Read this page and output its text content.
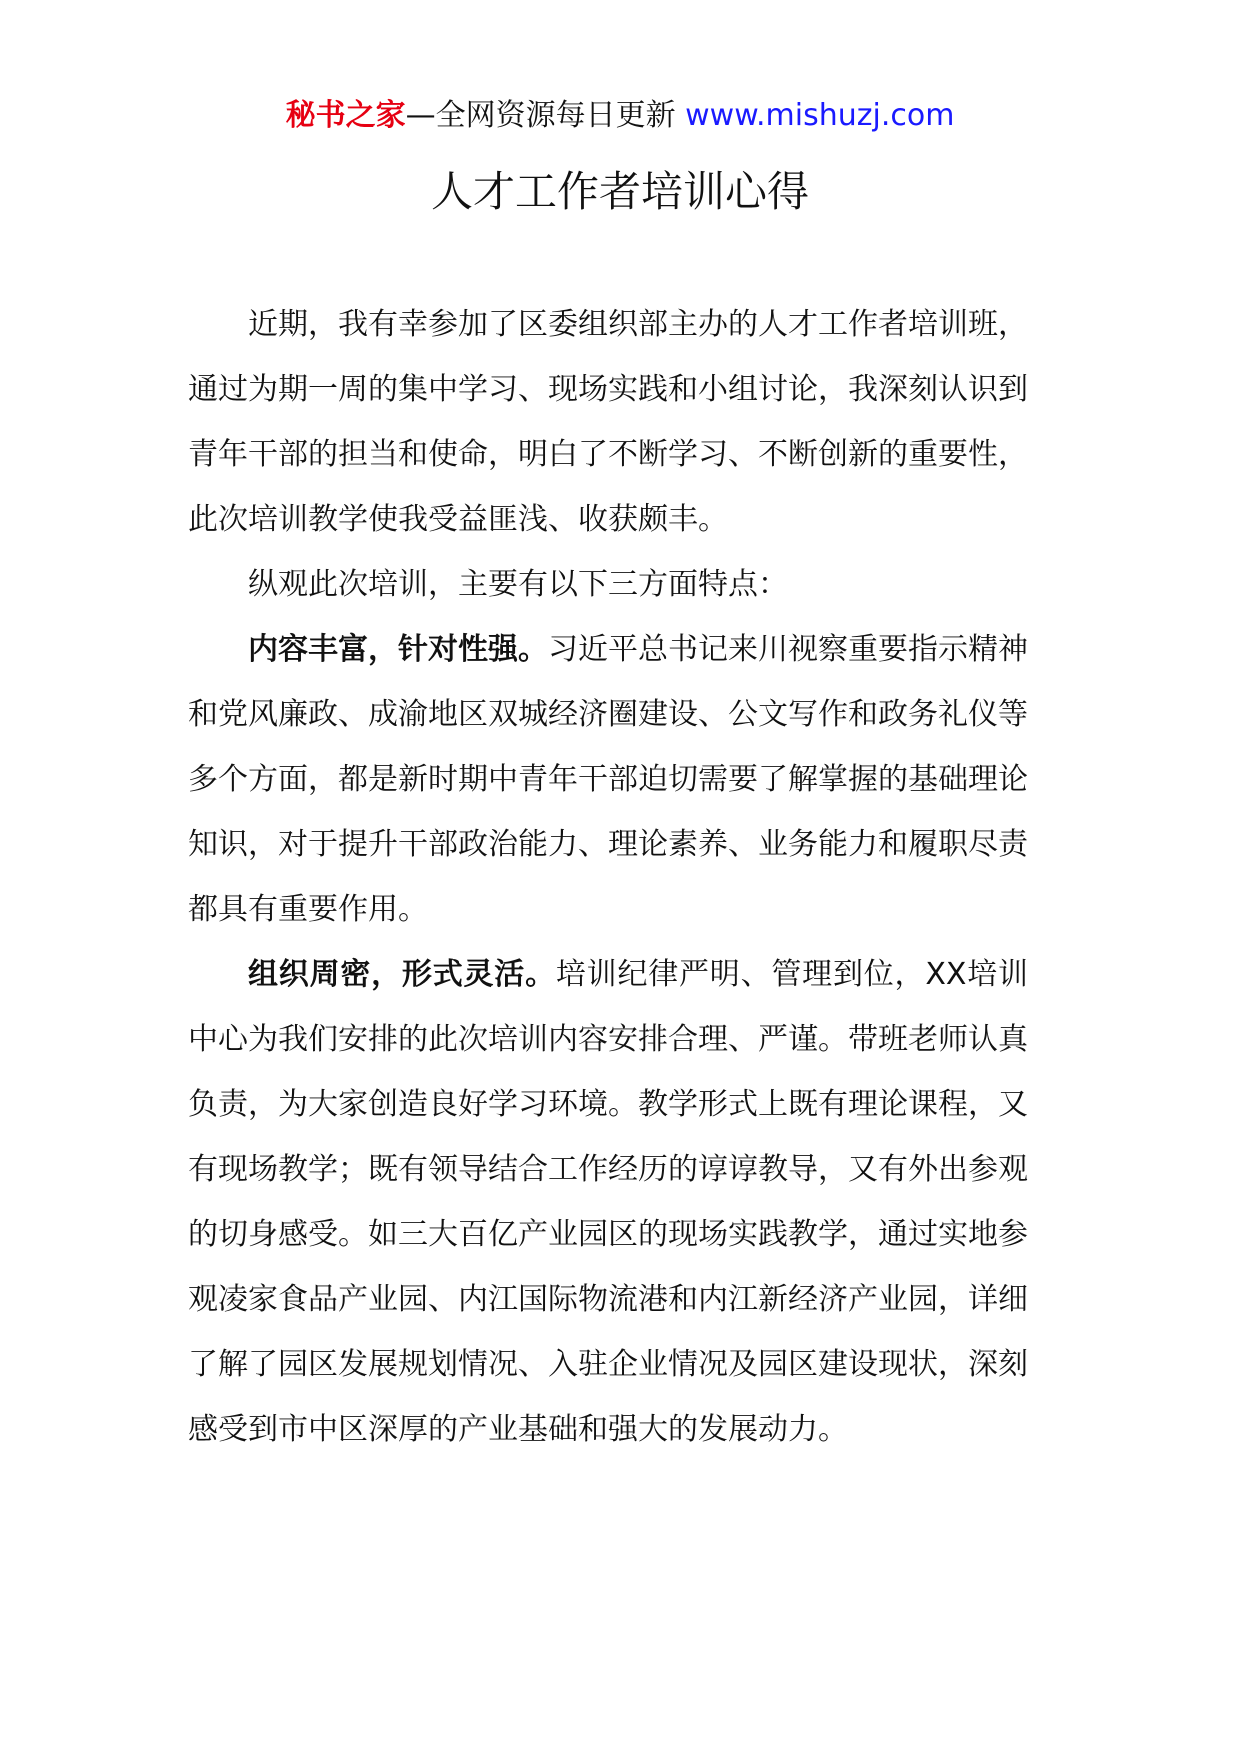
秘书之家—全网资源每日更新 www.mishuzj.com
人才工作者培训心得

近期，我有幸参加了区委组织部主办的人才工作者培训班，通过为期一周的集中学习、现场实践和小组讨论，我深刻认识到青年干部的担当和使命，明白了不断学习、不断创新的重要性，此次培训教学使我受益匪浅、收获颇丰。

纵观此次培训，主要有以下三方面特点：

内容丰富，针对性强。习近平总书记来川视察重要指示精神和党风廉政、成渝地区双城经济圈建设、公文写作和政务礼仪等多个方面，都是新时期中青年干部迫切需要了解掌握的基础理论知识，对于提升干部政治能力、理论素养、业务能力和履职尽责都具有重要作用。

组织周密，形式灵活。培训纪律严明、管理到位，XX培训中心为我们安排的此次培训内容安排合理、严谨。带班老师认真负责，为大家创造良好学习环境。教学形式上既有理论课程，又有现场教学；既有领导结合工作经历的谆谆教导，又有外出参观的切身感受。如三大百亿产业园区的现场实践教学，通过实地参观凌家食品产业园、内江国际物流港和内江新经济产业园，详细了解了园区发展规划情况、入驻企业情况及园区建设现状，深刻感受到市中区深厚的产业基础和强大的发展动力。
